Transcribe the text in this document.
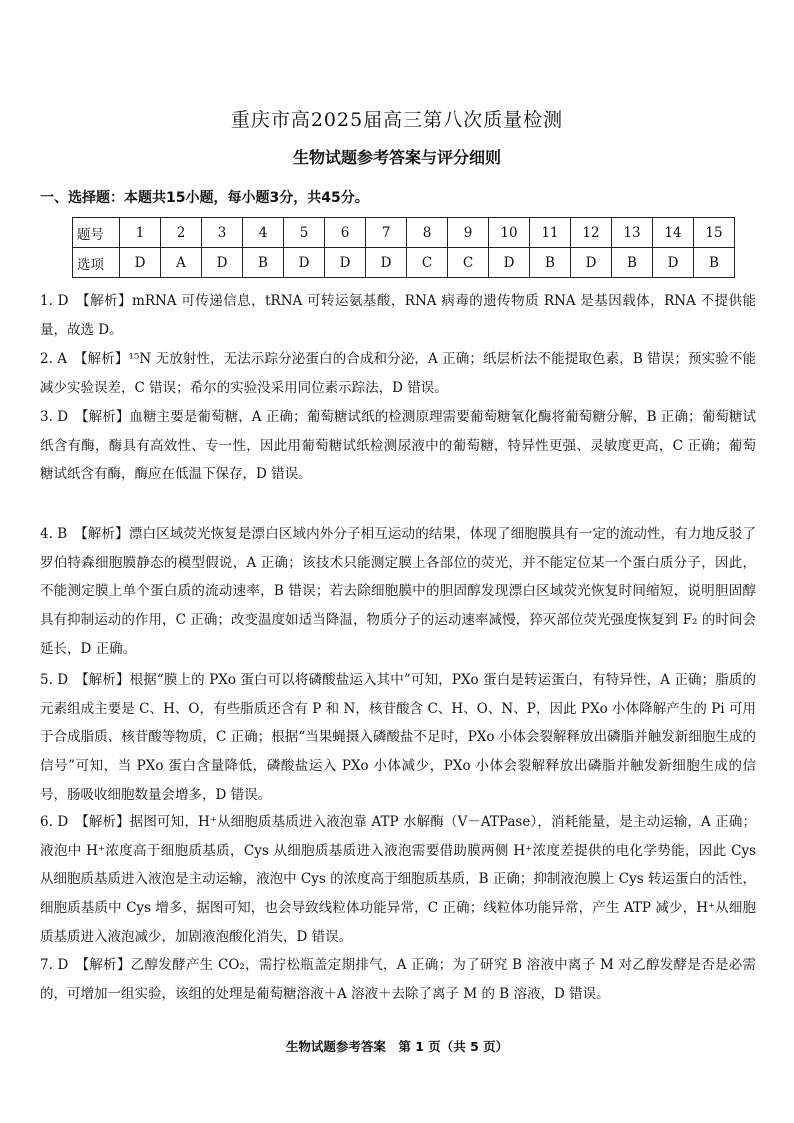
重庆市高2025届高三第八次质量检测
生物试题参考答案与评分细则
一、选择题：本题共15小题，每小题3分，共45分。
题号	1	2	3	4	5	6	7	8	9	10	11	12	13	14	15
选项	D	A	D	B	D	D	D	C	C	D	B	D	B	D	B

1. D　 【解析】mRNA 可传递信息，tRNA 可转运氨基酸，RNA 病毒的遗传物质 RNA 是基因载体，RNA 不提供能量，故选 D。

2. A　 【解析】¹⁵N 无放射性，无法示踪分泌蛋白的合成和分泌，A 正确；纸层析法不能提取色素，B 错误；预实验不能减少实验误差，C 错误；希尔的实验没采用同位素示踪法，D 错误。

3. D　 【解析】血糖主要是葡萄糖，A 正确；葡萄糖试纸的检测原理需要葡萄糖氧化酶将葡萄糖分解，B 正确；葡萄糖试纸含有酶，酶具有高效性、专一性，因此用葡萄糖试纸检测尿液中的葡萄糖，特异性更强、灵敏度更高，C 正确；葡萄糖试纸含有酶，酶应在低温下保存，D 错误。

4. B　 【解析】漂白区域荧光恢复是漂白区域内外分子相互运动的结果，体现了细胞膜具有一定的流动性，有力地反驳了罗伯特森细胞膜静态的模型假说，A 正确；该技术只能测定膜上各部位的荧光，并不能定位某一个蛋白质分子，因此，不能测定膜上单个蛋白质的流动速率，B 错误；若去除细胞膜中的胆固醇发现漂白区域荧光恢复时间缩短，说明胆固醇具有抑制运动的作用，C 正确；改变温度如适当降温，物质分子的运动速率减慢，猝灭部位荧光强度恢复到 F₂ 的时间会延长，D 正确。

5. D　 【解析】根据“膜上的 PXo 蛋白可以将磷酸盐运入其中”可知，PXo 蛋白是转运蛋白，有特异性，A 正确；脂质的元素组成主要是 C、H、O，有些脂质还含有 P 和 N，核苷酸含 C、H、O、N、P，因此 PXo 小体降解产生的 Pi 可用于合成脂质、核苷酸等物质，C 正确；根据“当果蝇摄入磷酸盐不足时，PXo 小体会裂解释放出磷脂并触发新细胞生成的信号”可知，当 PXo 蛋白含量降低，磷酸盐运入 PXo 小体减少，PXo 小体会裂解释放出磷脂并触发新细胞生成的信号，肠吸收细胞数量会增多，D 错误。

6. D　 【解析】据图可知，H⁺从细胞质基质进入液泡靠 ATP 水解酶（V－ATPase），消耗能量，是主动运输，A 正确；液泡中 H⁺浓度高于细胞质基质，Cys 从细胞质基质进入液泡需要借助膜两侧 H⁺浓度差提供的电化学势能，因此 Cys 从细胞质基质进入液泡是主动运输，液泡中 Cys 的浓度高于细胞质基质，B 正确；抑制液泡膜上 Cys 转运蛋白的活性，细胞质基质中 Cys 增多，据图可知，也会导致线粒体功能异常，C 正确；线粒体功能异常，产生 ATP 减少，H⁺从细胞质基质进入液泡减少，加剧液泡酸化消失，D 错误。

7. D　 【解析】乙醇发酵产生 CO₂，需拧松瓶盖定期排气，A 正确；为了研究 B 溶液中离子 M 对乙醇发酵是否是必需的，可增加一组实验，该组的处理是葡萄糖溶液＋A 溶液＋去除了离子 M 的 B 溶液，D 错误。

生物试题参考答案　第 1 页（共 5 页）
